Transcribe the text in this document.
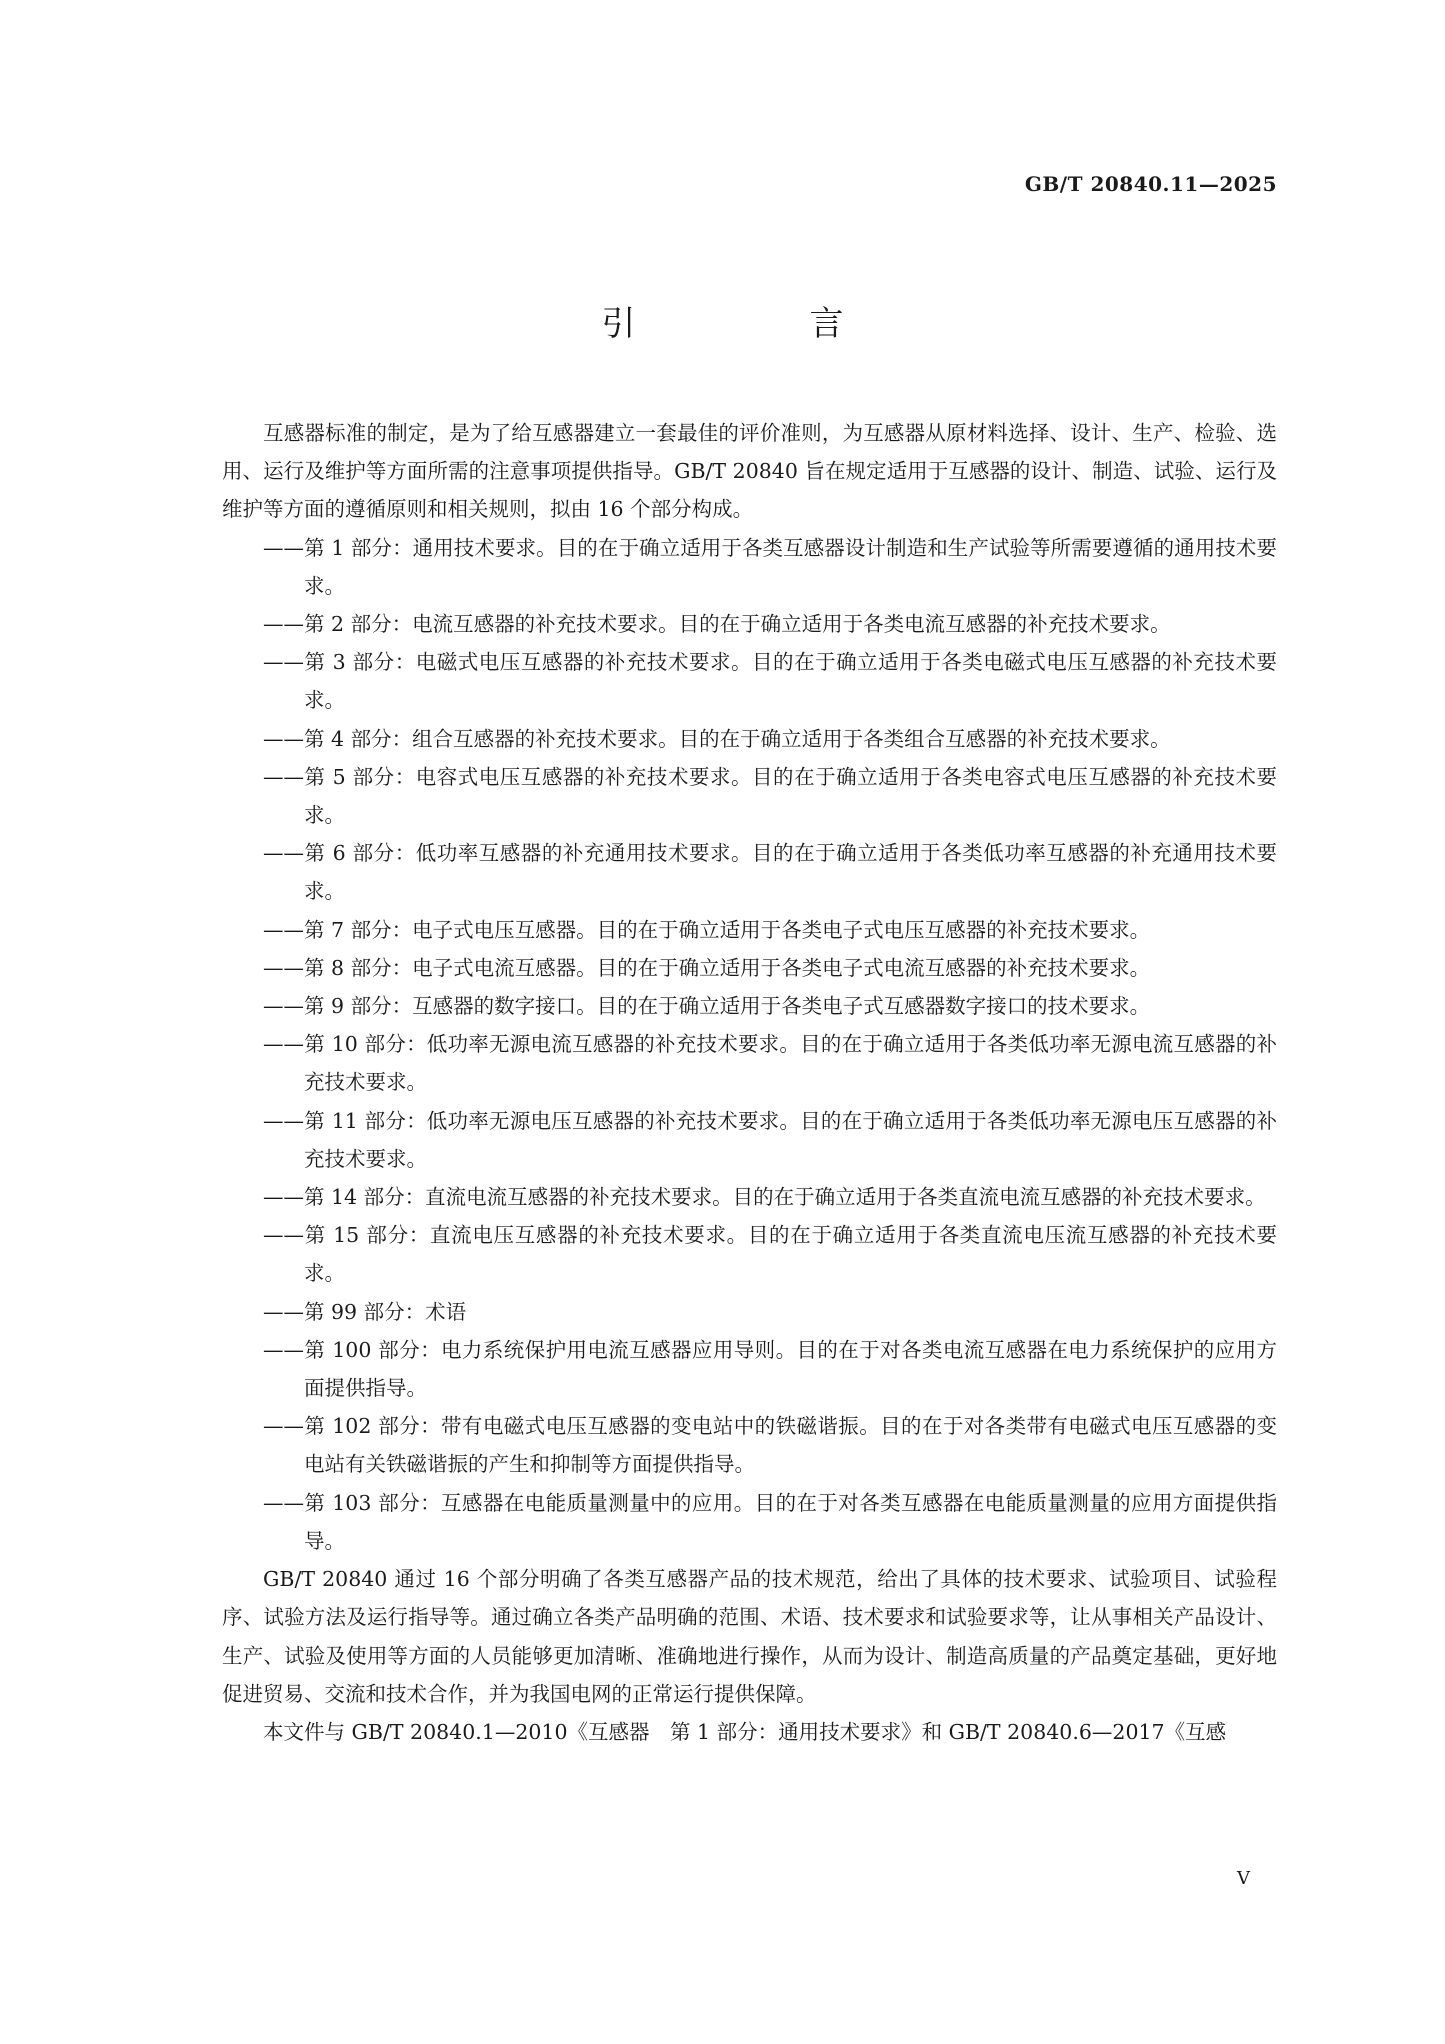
GB/T 20840.11—2025
引　言

互感器标准的制定，是为了给互感器建立一套最佳的评价准则，为互感器从原材料选择、设计、生产、检验、选用、运行及维护等方面所需的注意事项提供指导。GB/T 20840 旨在规定适用于互感器的设计、制造、试验、运行及维护等方面的遵循原则和相关规则，拟由 16 个部分构成。

——第 1 部分：通用技术要求。目的在于确立适用于各类互感器设计制造和生产试验等所需要遵循的通用技术要求。
——第 2 部分：电流互感器的补充技术要求。目的在于确立适用于各类电流互感器的补充技术要求。
——第 3 部分：电磁式电压互感器的补充技术要求。目的在于确立适用于各类电磁式电压互感器的补充技术要求。
——第 4 部分：组合互感器的补充技术要求。目的在于确立适用于各类组合互感器的补充技术要求。
——第 5 部分：电容式电压互感器的补充技术要求。目的在于确立适用于各类电容式电压互感器的补充技术要求。
——第 6 部分：低功率互感器的补充通用技术要求。目的在于确立适用于各类低功率互感器的补充通用技术要求。
——第 7 部分：电子式电压互感器。目的在于确立适用于各类电子式电压互感器的补充技术要求。
——第 8 部分：电子式电流互感器。目的在于确立适用于各类电子式电流互感器的补充技术要求。
——第 9 部分：互感器的数字接口。目的在于确立适用于各类电子式互感器数字接口的技术要求。
——第 10 部分：低功率无源电流互感器的补充技术要求。目的在于确立适用于各类低功率无源电流互感器的补充技术要求。
——第 11 部分：低功率无源电压互感器的补充技术要求。目的在于确立适用于各类低功率无源电压互感器的补充技术要求。
——第 14 部分：直流电流互感器的补充技术要求。目的在于确立适用于各类直流电流互感器的补充技术要求。
——第 15 部分：直流电压互感器的补充技术要求。目的在于确立适用于各类直流电压流互感器的补充技术要求。
——第 99 部分：术语
——第 100 部分：电力系统保护用电流互感器应用导则。目的在于对各类电流互感器在电力系统保护的应用方面提供指导。
——第 102 部分：带有电磁式电压互感器的变电站中的铁磁谐振。目的在于对各类带有电磁式电压互感器的变电站有关铁磁谐振的产生和抑制等方面提供指导。
——第 103 部分：互感器在电能质量测量中的应用。目的在于对各类互感器在电能质量测量的应用方面提供指导。

GB/T 20840 通过 16 个部分明确了各类互感器产品的技术规范，给出了具体的技术要求、试验项目、试验程序、试验方法及运行指导等。通过确立各类产品明确的范围、术语、技术要求和试验要求等，让从事相关产品设计、生产、试验及使用等方面的人员能够更加清晰、准确地进行操作，从而为设计、制造高质量的产品奠定基础，更好地促进贸易、交流和技术合作，并为我国电网的正常运行提供保障。

本文件与 GB/T 20840.1—2010《互感器　第 1 部分：通用技术要求》和 GB/T 20840.6—2017《互感

V
